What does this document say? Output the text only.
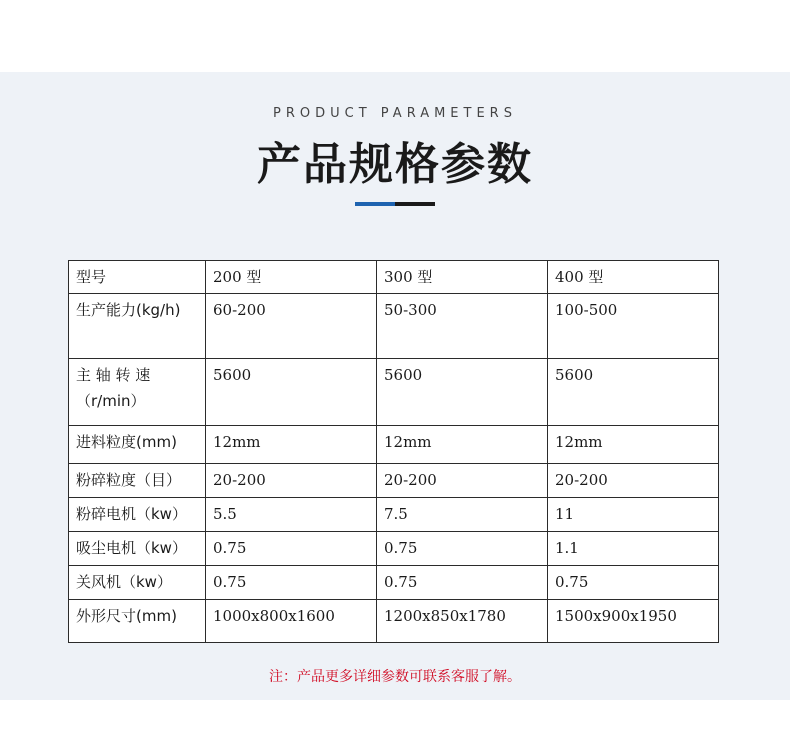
PRODUCT PARAMETERS
产品规格参数
型号	200 型	300 型	400 型
生产能力(kg/h)	60-200	50-300	100-500
主 轴 转 速（r/min）	5600	5600	5600
进料粒度(mm)	12mm	12mm	12mm
粉碎粒度（目）	20-200	20-200	20-200
粉碎电机（kw）	5.5	7.5	11
吸尘电机（kw）	0.75	0.75	1.1
关风机（kw）	0.75	0.75	0.75
外形尺寸(mm)	1000x800x1600	1200x850x1780	1500x900x1950
注：产品更多详细参数可联系客服了解。
